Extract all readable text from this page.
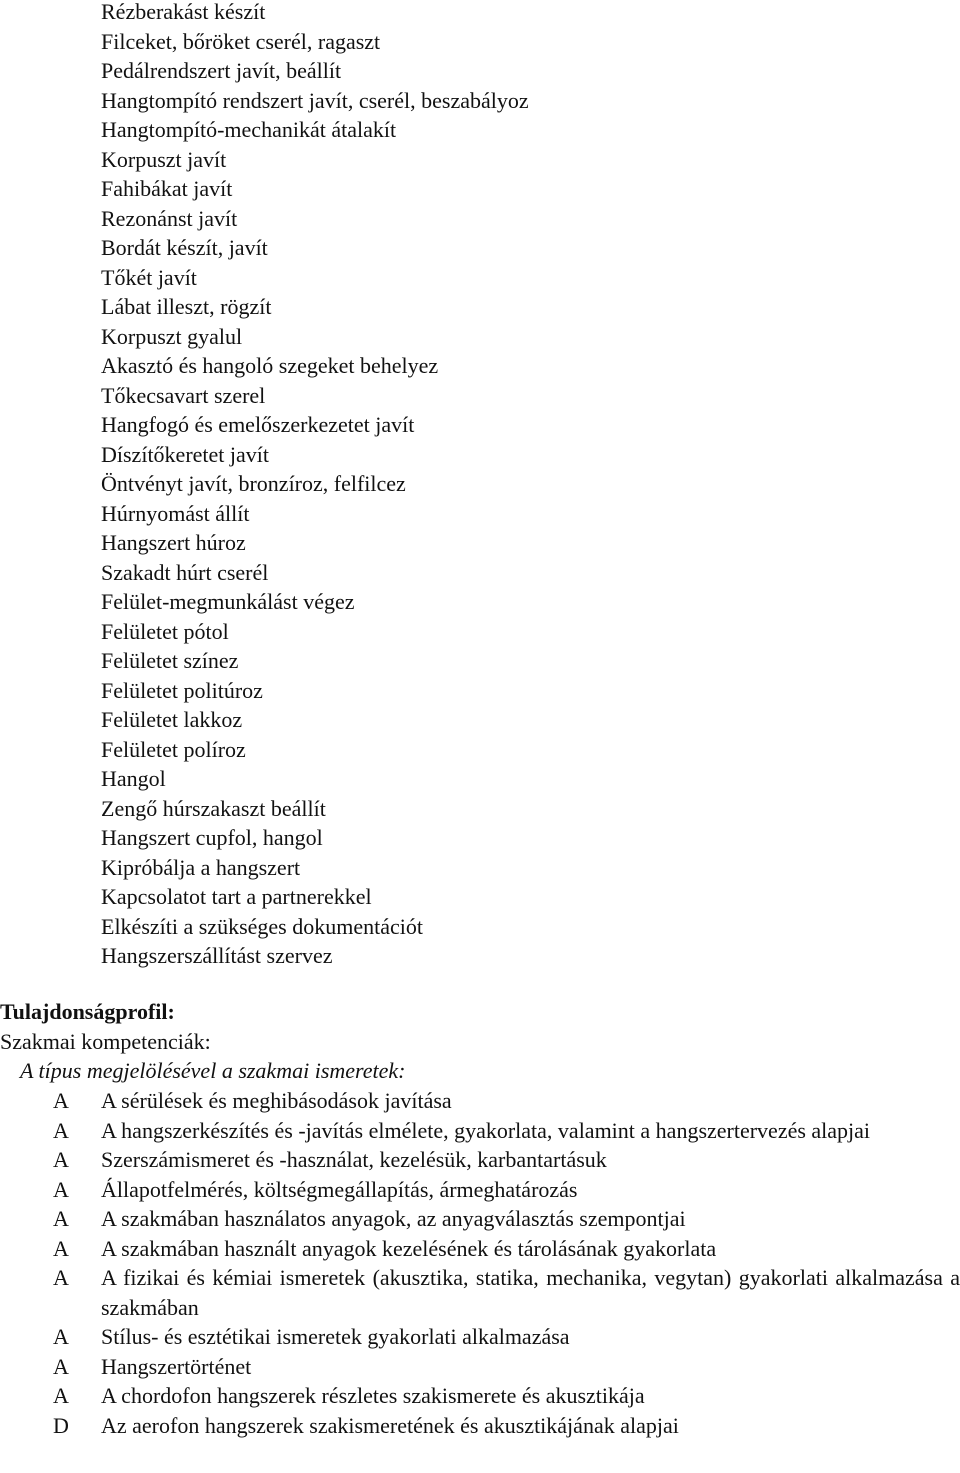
Rézberakást készít
Filceket, bőröket cserél, ragaszt
Pedálrendszert javít, beállít
Hangtompító rendszert javít, cserél, beszabályoz
Hangtompító-mechanikát átalakít
Korpuszt javít
Fahibákat javít
Rezonánst javít
Bordát készít, javít
Tőkét javít
Lábat illeszt, rögzít
Korpuszt gyalul
Akasztó és hangoló szegeket behelyez
Tőkecsavart szerel
Hangfogó és emelőszerkezetet javít
Díszítőkeretet javít
Öntvényt javít, bronzíroz, felfilcez
Húrnyomást állít
Hangszert húroz
Szakadt húrt cserél
Felület-megmunkálást végez
Felületet pótol
Felületet színez
Felületet politúroz
Felületet lakkoz
Felületet políroz
Hangol
Zengő húrszakaszt beállít
Hangszert cupfol, hangol
Kipróbálja a hangszert
Kapcsolatot tart a partnerekkel
Elkészíti a szükséges dokumentációt
Hangszerszállítást szervez
Tulajdonságprofil:
Szakmai kompetenciák:
A típus megjelölésével a szakmai ismeretek:
A A sérülések és meghibásodások javítása
A A hangszerkészítés és -javítás elmélete, gyakorlata, valamint a hangszertervezés alapjai
A Szerszámismeret és -használat, kezelésük, karbantartásuk
A Állapotfelmérés, költségmegállapítás, ármeghatározás
A A szakmában használatos anyagok, az anyagválasztás szempontjai
A A szakmában használt anyagok kezelésének és tárolásának gyakorlata
A A fizikai és kémiai ismeretek (akusztika, statika, mechanika, vegytan) gyakorlati alkalmazása a szakmában
A Stílus- és esztétikai ismeretek gyakorlati alkalmazása
A Hangszertörténet
A A chordofon hangszerek részletes szakismerete és akusztikája
D Az aerofon hangszerek szakismeretének és akusztikájának alapjai
